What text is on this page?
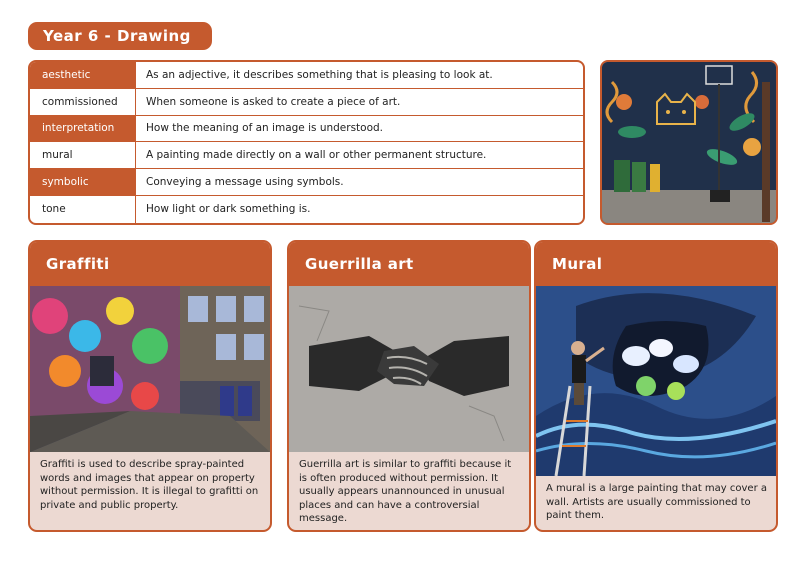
Year 6 - Drawing
aesthetic	As an adjective, it describes something that is pleasing to look at.
commissioned	When someone is asked to create a piece of art.
interpretation	How the meaning of an image is understood.
mural	A painting made directly on a wall or other permanent structure.
symbolic	Conveying a message using symbols.
tone	How light or dark something is.
Graffiti
Graffiti is used to describe spray-painted words and images that appear on property without permission. It is illegal to grafitti on private and public property.
Guerrilla art
Guerrilla art is similar to graffiti because it is often produced without permission. It usually appears unannounced in unusual places and can have a controversial message.
Mural
A mural is a large painting that may cover a wall. Artists are usually commissioned to paint them.
